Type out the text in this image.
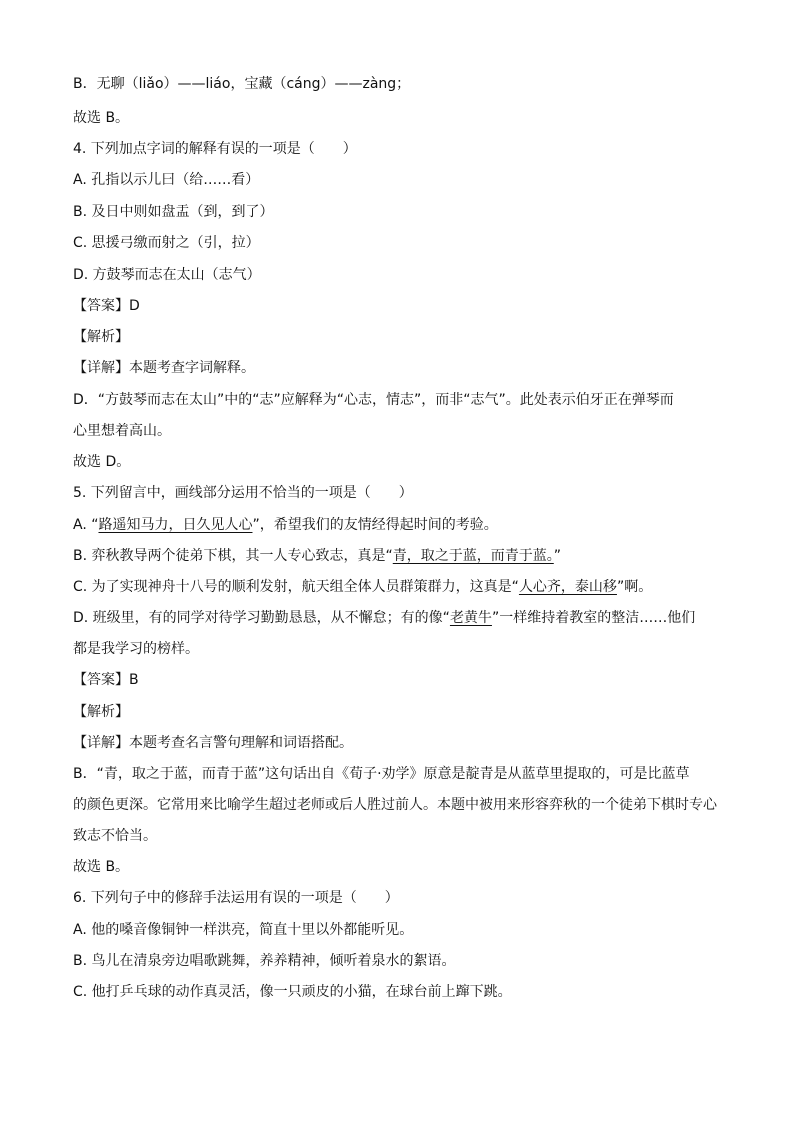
B．无聊（liǎo）——liáo，宝藏（cáng）——zàng；
故选 B。
4. 下列加点字词的解释有误的一项是（　　）
A. 孔指以示儿曰（给……看）
B. 及日中则如盘盂（到，到了）
C. 思援弓缴而射之（引，拉）
D. 方鼓琴而志在太山（志气）
【答案】D
【解析】
【详解】本题考查字词解释。
D．“方鼓琴而志在太山”中的“志”应解释为“心志，情志”，而非“志气”。此处表示伯牙正在弹琴而
心里想着高山。
故选 D。
5. 下列留言中，画线部分运用不恰当的一项是（　　）
A. “路遥知马力，日久见人心”，希望我们的友情经得起时间的考验。
B. 弈秋教导两个徒弟下棋，其一人专心致志，真是“青，取之于蓝，而青于蓝。”
C. 为了实现神舟十八号的顺利发射，航天组全体人员群策群力，这真是“人心齐，泰山移”啊。
D. 班级里，有的同学对待学习勤勤恳恳，从不懈怠；有的像“老黄牛”一样维持着教室的整洁……他们
都是我学习的榜样。
【答案】B
【解析】
【详解】本题考查名言警句理解和词语搭配。
B．“青，取之于蓝，而青于蓝”这句话出自《荀子·劝学》原意是靛青是从蓝草里提取的，可是比蓝草
的颜色更深。它常用来比喻学生超过老师或后人胜过前人。本题中被用来形容弈秋的一个徒弟下棋时专心
致志不恰当。
故选 B。
6. 下列句子中的修辞手法运用有误的一项是（　　）
A. 他的嗓音像铜钟一样洪亮，简直十里以外都能听见。
B. 鸟儿在清泉旁边唱歌跳舞，养养精神，倾听着泉水的絮语。
C. 他打乒乓球的动作真灵活，像一只顽皮的小猫，在球台前上蹿下跳。
